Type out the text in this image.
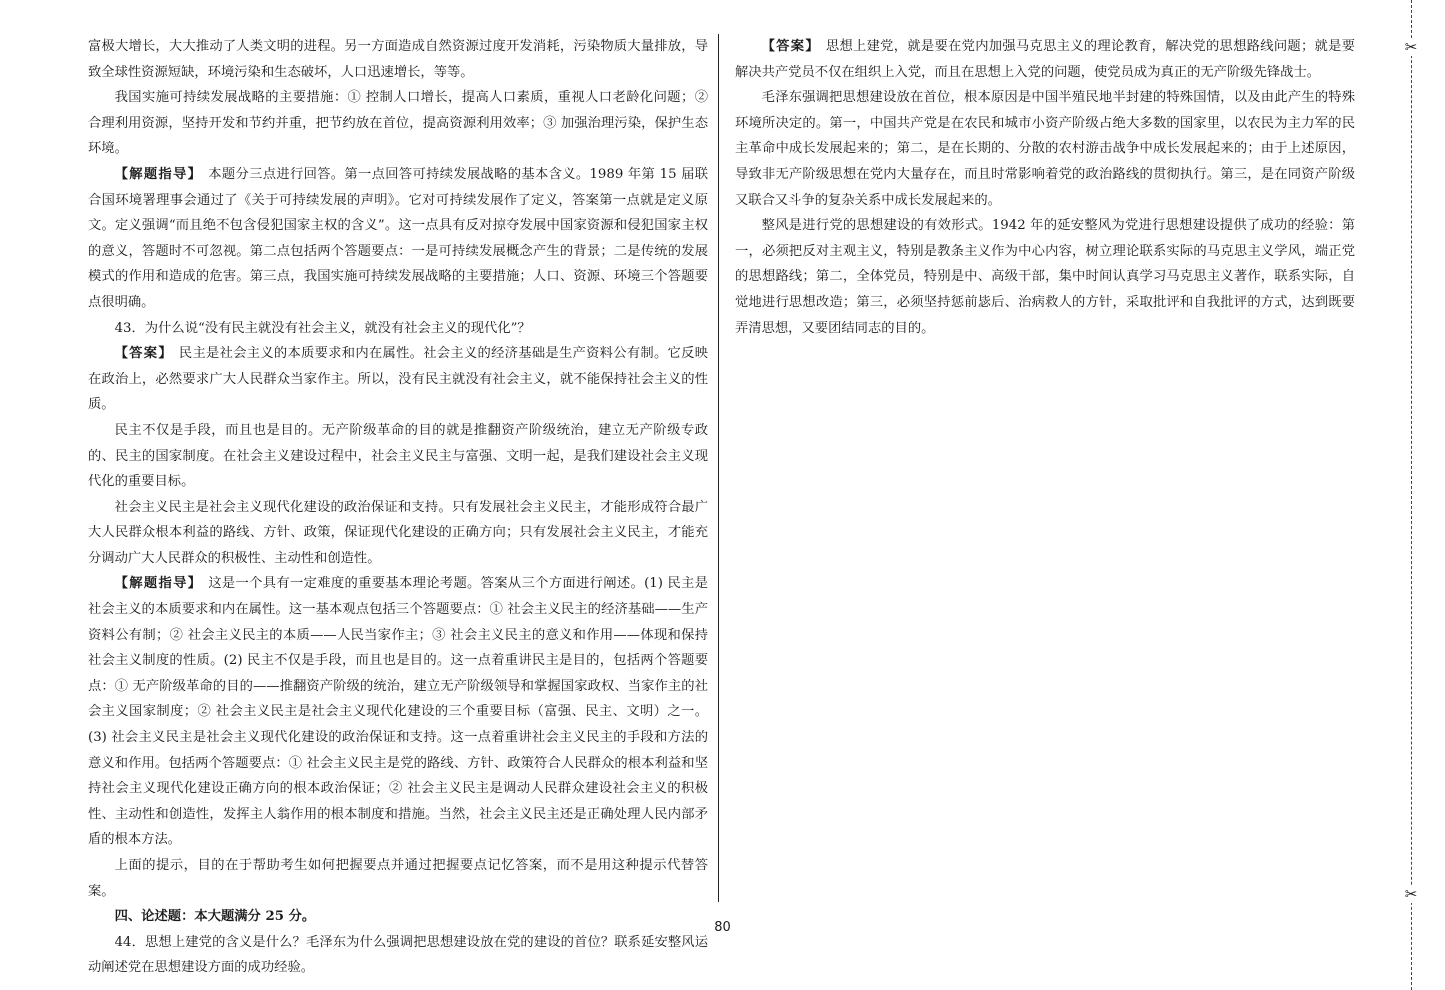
富极大增长，大大推动了人类文明的进程。另一方面造成自然资源过度开发消耗，污染物质大量排放，导致全球性资源短缺，环境污染和生态破坏，人口迅速增长，等等。

我国实施可持续发展战略的主要措施：① 控制人口增长，提高人口素质，重视人口老龄化问题；② 合理利用资源，坚持开发和节约并重，把节约放在首位，提高资源利用效率；③ 加强治理污染，保护生态环境。

【解题指导】 本题分三点进行回答。第一点回答可持续发展战略的基本含义。1989 年第 15 届联合国环境署理事会通过了《关于可持续发展的声明》。它对可持续发展作了定义，答案第一点就是定义原文。定义强调“而且绝不包含侵犯国家主权的含义”。这一点具有反对掠夺发展中国家资源和侵犯国家主权的意义，答题时不可忽视。第二点包括两个答题要点：一是可持续发展概念产生的背景；二是传统的发展模式的作用和造成的危害。第三点，我国实施可持续发展战略的主要措施；人口、资源、环境三个答题要点很明确。

43．为什么说“没有民主就没有社会主义，就没有社会主义的现代化”？

【答案】 民主是社会主义的本质要求和内在属性。社会主义的经济基础是生产资料公有制。它反映在政治上，必然要求广大人民群众当家作主。所以，没有民主就没有社会主义，就不能保持社会主义的性质。

民主不仅是手段，而且也是目的。无产阶级革命的目的就是推翻资产阶级统治，建立无产阶级专政的、民主的国家制度。在社会主义建设过程中，社会主义民主与富强、文明一起，是我们建设社会主义现代化的重要目标。

社会主义民主是社会主义现代化建设的政治保证和支持。只有发展社会主义民主，才能形成符合最广大人民群众根本利益的路线、方针、政策，保证现代化建设的正确方向；只有发展社会主义民主，才能充分调动广大人民群众的积极性、主动性和创造性。

【解题指导】 这是一个具有一定难度的重要基本理论考题。答案从三个方面进行阐述。(1) 民主是社会主义的本质要求和内在属性。这一基本观点包括三个答题要点：① 社会主义民主的经济基础——生产资料公有制；② 社会主义民主的本质——人民当家作主；③ 社会主义民主的意义和作用——体现和保持社会主义制度的性质。(2) 民主不仅是手段，而且也是目的。这一点着重讲民主是目的，包括两个答题要点：① 无产阶级革命的目的——推翻资产阶级的统治，建立无产阶级领导和掌握国家政权、当家作主的社会主义国家制度；② 社会主义民主是社会主义现代化建设的三个重要目标（富强、民主、文明）之一。(3) 社会主义民主是社会主义现代化建设的政治保证和支持。这一点着重讲社会主义民主的手段和方法的意义和作用。包括两个答题要点：① 社会主义民主是党的路线、方针、政策符合人民群众的根本利益和坚持社会主义现代化建设正确方向的根本政治保证；② 社会主义民主是调动人民群众建设社会主义的积极性、主动性和创造性，发挥主人翁作用的根本制度和措施。当然，社会主义民主还是正确处理人民内部矛盾的根本方法。

上面的提示，目的在于帮助考生如何把握要点并通过把握要点记忆答案，而不是用这种提示代替答案。

四、论述题：本大题满分 25 分。

44．思想上建党的含义是什么？毛泽东为什么强调把思想建设放在党的建设的首位？联系延安整风运动阐述党在思想建设方面的成功经验。

【答案】 思想上建党，就是要在党内加强马克思主义的理论教育，解决党的思想路线问题；就是要解决共产党员不仅在组织上入党，而且在思想上入党的问题，使党员成为真正的无产阶级先锋战士。

毛泽东强调把思想建设放在首位，根本原因是中国半殖民地半封建的特殊国情，以及由此产生的特殊环境所决定的。第一，中国共产党是在农民和城市小资产阶级占绝大多数的国家里，以农民为主力军的民主革命中成长发展起来的；第二，是在长期的、分散的农村游击战争中成长发展起来的；由于上述原因，导致非无产阶级思想在党内大量存在，而且时常影响着党的政治路线的贯彻执行。第三，是在同资产阶级又联合又斗争的复杂关系中成长发展起来的。

整风是进行党的思想建设的有效形式。1942 年的延安整风为党进行思想建设提供了成功的经验：第一，必须把反对主观主义，特别是教条主义作为中心内容，树立理论联系实际的马克思主义学风，端正党的思想路线；第二，全体党员，特别是中、高级干部，集中时间认真学习马克思主义著作，联系实际，自觉地进行思想改造；第三，必须坚持惩前毖后、治病救人的方针，采取批评和自我批评的方式，达到既要弄清思想，又要团结同志的目的。

80
✂
✂
